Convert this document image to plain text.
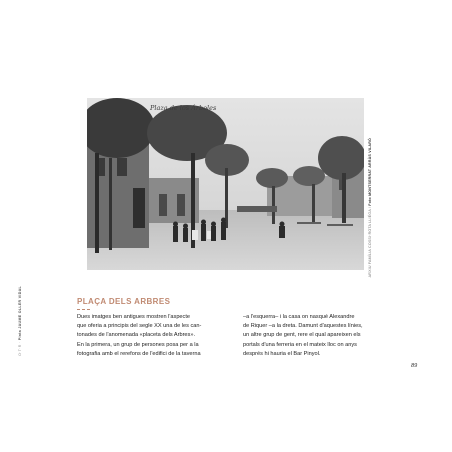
Plaza de los Árboles
ARXIU FAMÍLIA COSSI·ROTA LLIÉGA / Foto MONTSERRAT ARRÀS VILARÓ
O·T·R · Pinta JAUME OLLER VIDAL	PLAÇA DELS ARBRES
Dues imatges ben antigues mostren l'aspecte
que oferia a principis del segle XX una de les can-
tonades de l'anomenada «placeta dels Arbres».
En la primera, un grup de persones posa per a la
fotografia amb el rerefons de l'edifici de la taverna
–a l'esquerra– i la casa on nasqué Alexandre
de Riquer –a la dreta. Damunt d'aquestes línies,
un altre grup de gent, rere el qual apareixen els
portals d'una ferreria en el mateix lloc on anys
després hi hauria el Bar Pinyol.
89
